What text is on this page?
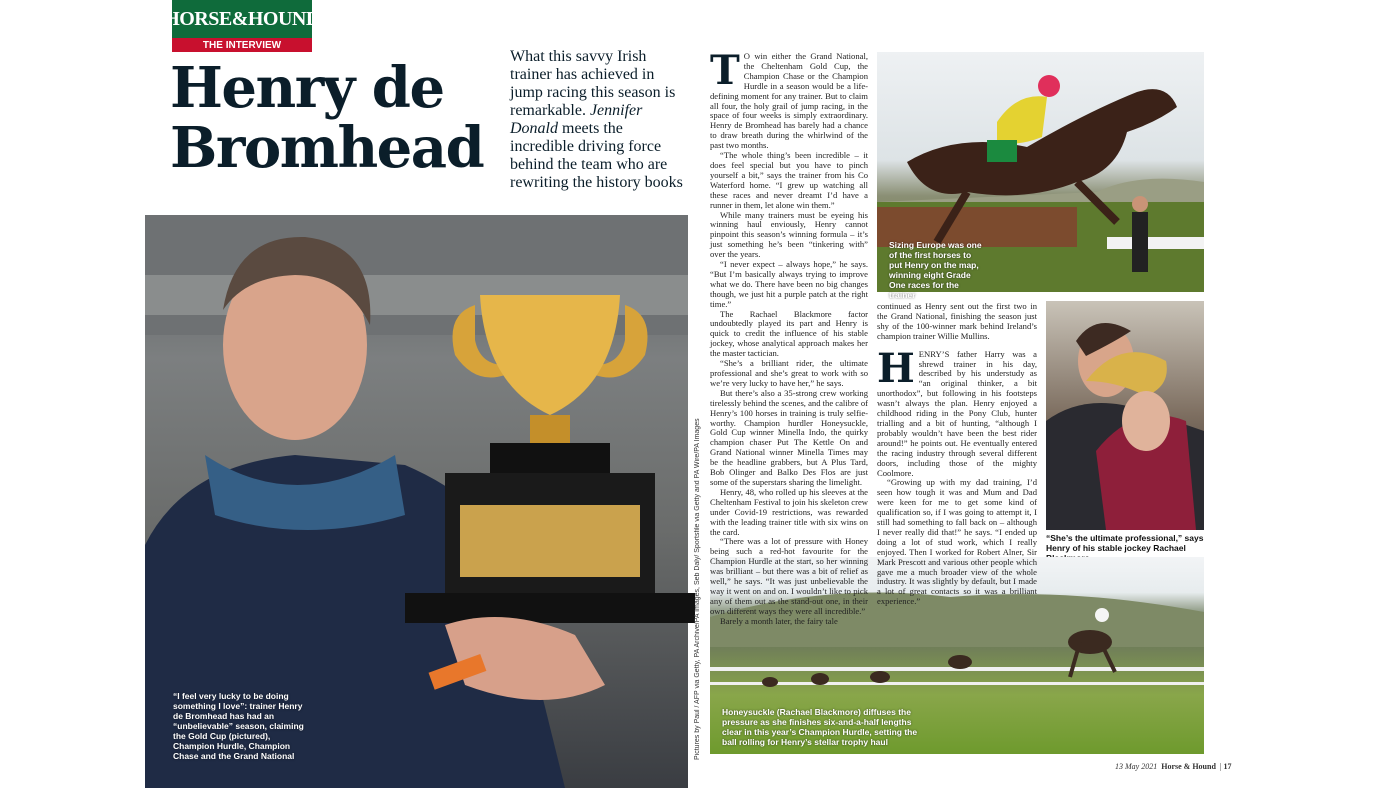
HORSE&HOUND
THE INTERVIEW
Henry de
Bromhead
What this savvy Irish trainer has achieved in jump racing this season is remarkable. Jennifer Donald meets the incredible driving force behind the team who are rewriting the history books
“I feel very lucky to be doing something I love”: trainer Henry de Bromhead has had an “unbelievable” season, claiming the Gold Cup (pictured), Champion Hurdle, Champion Chase and the Grand National	Pictures by Paul / AFP via Getty, PA Archive/PA Images, Seb Daly/ Sportsfile via Getty and PA Wire/PA Images
Sizing Europe was one of the first horses to put Henry on the map, winning eight Grade One races for the trainer
“She’s the ultimate professional,” says Henry of his stable jockey Rachael
Honeysuckle (Rachael Blackmore) diffuses the pressure as she finishes six-and-a-half lengths clear in this year’s Champion Hurdle, setting the ball rolling for Henry’s stellar trophy haul

T O win either the Grand National, the Cheltenham Gold Cup, the Champion Chase or the Champion Hurdle in a season would be a life-defining moment for any trainer. But to claim all four, the holy grail of jump racing, in the space of four weeks is simply extraordinary. Henry de Bromhead has barely had a chance to draw breath during the whirlwind of the past two months.

“The whole thing’s been incredible – it does feel special but you have to pinch yourself a bit,” says the trainer from his Co Waterford home. “I grew up watching all these races and never dreamt I’d have a runner in them, let alone win them.”

While many trainers must be eyeing his winning haul enviously, Henry cannot pinpoint this season’s winning formula – it’s just something he’s been “tinkering with” over the years.

“I never expect – always hope,” he says. “But I’m basically always trying to improve what we do. There have been no big changes though, we just hit a purple patch at the right time.”

The Rachael Blackmore factor undoubtedly played its part and Henry is quick to credit the influence of his stable jockey, whose analytical approach makes her the master tactician.

“She’s a brilliant rider, the ultimate professional and she’s great to work with so we’re very lucky to have her,” he says.

But there’s also a 35-strong crew working tirelessly behind the scenes, and the calibre of Henry’s 100 horses in training is truly selfie-worthy. Champion hurdler Honeysuckle, Gold Cup winner Minella Indo, the quirky champion chaser Put The Kettle On and Grand National winner Minella Times may be the headline grabbers, but A Plus Tard, Bob Olinger and Balko Des Flos are just some of the superstars sharing the limelight.

Henry, 48, who rolled up his sleeves at the Cheltenham Festival to join his skeleton crew under Covid-19 restrictions, was rewarded with the leading trainer title with six wins on the card.

“There was a lot of pressure with Honey being such a red-hot favourite for the Champion Hurdle at the start, so her winning was brilliant – but there was a bit of relief as well,” he says. “It was just unbelievable the way it went on and on. I wouldn’t like to pick any of them out as the stand-out one, in their own different ways they were all incredible.”

Barely a month later, the fairy tale

continued as Henry sent out the first two in the Grand National, finishing the season just shy of the 100-winner mark behind Ireland’s champion trainer Willie Mullins.

HENRY’S father Harry was a shrewd trainer in his day, described by his understudy as “an original thinker, a bit unorthodox”, but following in his footsteps wasn’t always the plan. Henry enjoyed a childhood riding in the Pony Club, hunter trialling and a bit of hunting, “although I probably wouldn’t have been the best rider around!” he points out. He eventually entered the racing industry through several different doors, including those of the mighty Coolmore.

“Growing up with my dad training, I’d seen how tough it was and Mum and Dad were keen for me to get some kind of qualification so, if I was going to attempt it, I still had something to fall back on – although I never really did that!” he says. “I ended up doing a lot of stud work, which I really enjoyed. Then I worked for Robert Alner, Sir Mark Prescott and various other people which gave me a much broader view of the whole industry. It was slightly by default, but I made a lot of great contacts so it was a brilliant experience.”

13 May 2021 Horse & Hound  | 17
